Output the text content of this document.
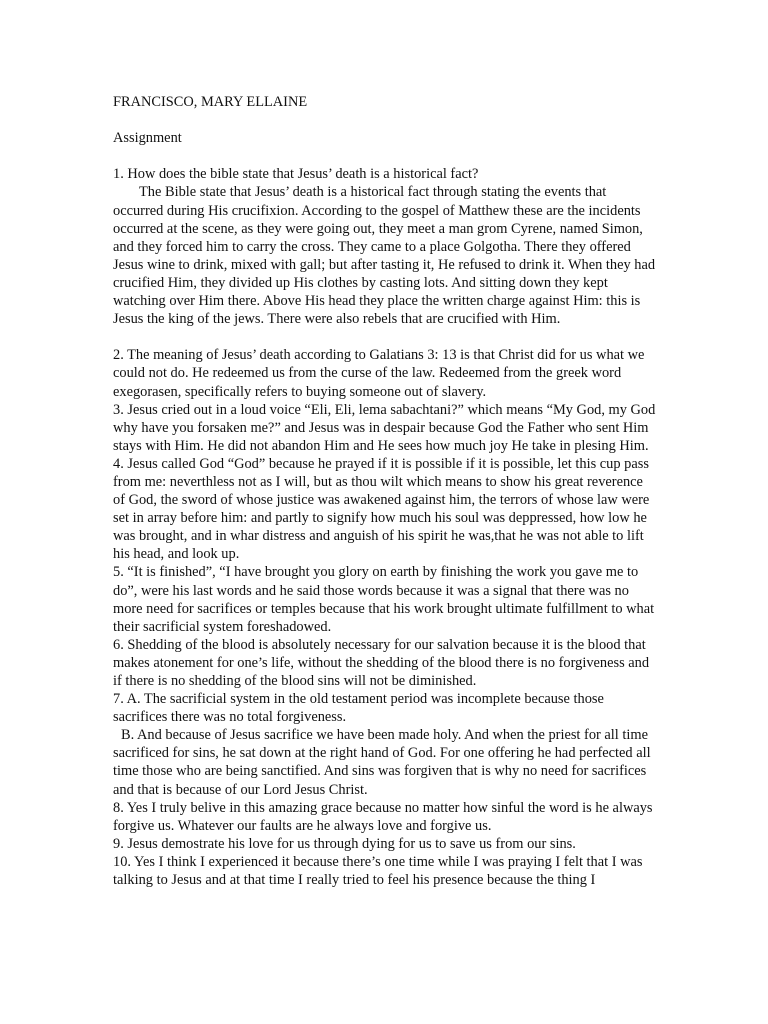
FRANCISCO, MARY ELLAINE

Assignment

1. How does the bible state that Jesus’ death is a historical fact?

The Bible state that Jesus’ death is a historical fact through stating the events that occurred during His crucifixion. According to the gospel of Matthew these are the incidents occurred at the scene, as they were going out, they meet a man grom Cyrene, named Simon, and they forced him to carry the cross. They came to a place Golgotha. There they offered Jesus wine to drink, mixed with gall; but after tasting it, He refused to drink it. When they had crucified Him, they divided up His clothes by casting lots. And sitting down they kept watching over Him there. Above His head they place the written charge against Him: this is Jesus the king of the jews. There were also rebels that are crucified with Him.

2. The meaning of Jesus’ death according to Galatians 3: 13 is that Christ did for us what we could not do. He redeemed us from the curse of the law. Redeemed from the greek word exegorasen, specifically refers to buying someone out of slavery.

3. Jesus cried out in a loud voice “Eli, Eli, lema sabachtani?” which means “My God, my God why have you forsaken me?” and Jesus was in despair because God the Father who sent Him stays with Him. He did not abandon Him and He sees how much joy He take in plesing Him.

4. Jesus called God “God” because he prayed if it is possible if it is possible, let this cup pass from me: neverthless not as I will, but as thou wilt which means to show his great reverence of God, the sword of whose justice was awakened against him, the terrors of whose law were set in array before him: and partly to signify how much his soul was deppressed, how low he was brought, and in whar distress and anguish of his spirit he was,that he was not able to lift his head, and look up.

5. “It is finished”, “I have brought you glory on earth by finishing the work you gave me to do”, were his last words and he said those words because it was a signal that there was no more need for sacrifices or temples because that his work brought ultimate fulfillment to what their sacrificial system foreshadowed.

6. Shedding of the blood is absolutely necessary for our salvation because it is the blood that makes atonement for one’s life, without the shedding of the blood there is no forgiveness and if there is no shedding of the blood sins will not be diminished.

7. A. The sacrificial system in the old testament period was incomplete because those sacrifices there was no total forgiveness.

B. And because of Jesus sacrifice we have been made holy. And when the priest for all time sacrificed for sins, he sat down at the right hand of God. For one offering he had perfected all time those who are being sanctified. And sins was forgiven that is why no need for sacrifices and that is because of our Lord Jesus Christ.

8. Yes I truly belive in this amazing grace because no matter how sinful the word is he always forgive us. Whatever our faults are he always love and forgive us.

9. Jesus demostrate his love for us through dying for us to save us from our sins.

10. Yes I think I experienced it because there’s one time while I was praying I felt that I was talking to Jesus and at that time I really tried to feel his presence because the thing I
